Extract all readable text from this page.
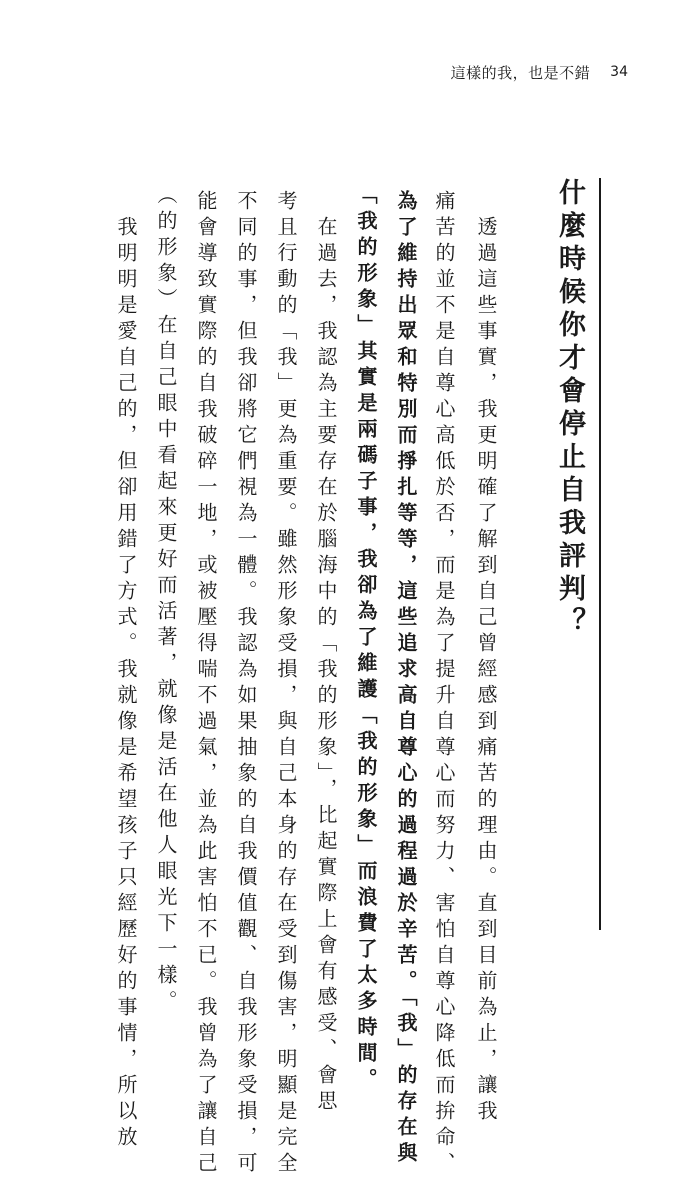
這樣的我，也是不錯 34
什麼時候你才會停止自我評判？
　透過這些事實，我更明確了解到自己曾經感到痛苦的理由。直到目前為止，讓我
痛苦的並不是自尊心高低於否，而是為了提升自尊心而努力、害怕自尊心降低而拚命、
為了維持出眾和特別而掙扎等等，這些追求高自尊心的過程過於辛苦。「我」的存在與
「我的形象」其實是兩碼子事，我卻為了維護「我的形象」而浪費了太多時間。
　在過去，我認為主要存在於腦海中的「我的形象」，比起實際上會有感受、會思
考且行動的「我」更為重要。雖然形象受損，與自己本身的存在受到傷害，明顯是完全
不同的事，但我卻將它們視為一體。我認為如果抽象的自我價值觀、自我形象受損，可
能會導致實際的自我破碎一地，或被壓得喘不過氣，並為此害怕不已。我曾為了讓自己
（的形象）在自己眼中看起來更好而活著，就像是活在他人眼光下一樣。
　我明明是愛自己的，但卻用錯了方式。我就像是希望孩子只經歷好的事情，所以放
